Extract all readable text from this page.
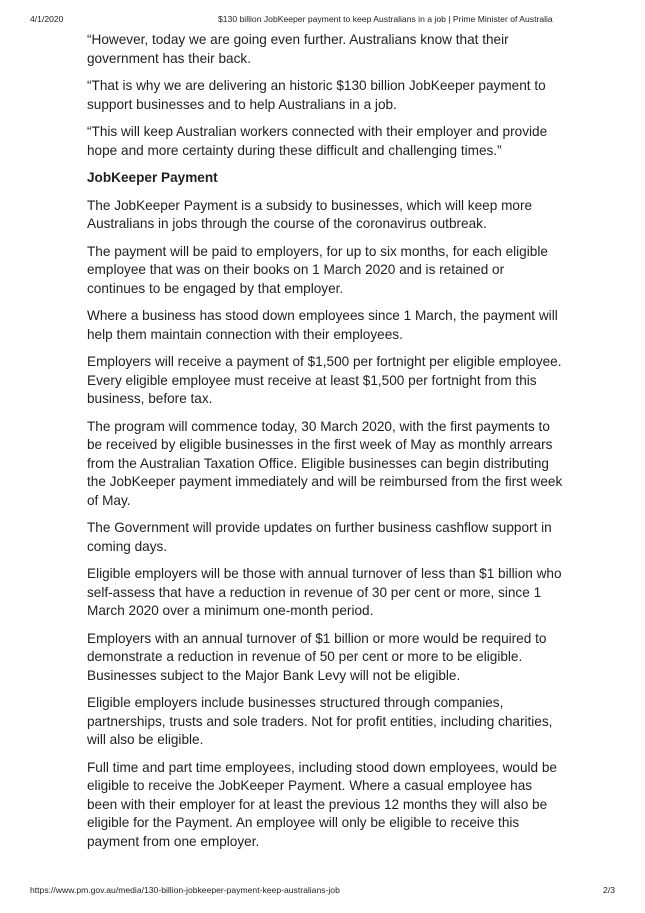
4/1/2020	$130 billion JobKeeper payment to keep Australians in a job | Prime Minister of Australia

“However, today we are going even further. Australians know that their government has their back.

“That is why we are delivering an historic $130 billion JobKeeper payment to support businesses and to help Australians in a job.

“This will keep Australian workers connected with their employer and provide hope and more certainty during these difficult and challenging times.”

JobKeeper Payment

The JobKeeper Payment is a subsidy to businesses, which will keep more Australians in jobs through the course of the coronavirus outbreak.

The payment will be paid to employers, for up to six months, for each eligible employee that was on their books on 1 March 2020 and is retained or continues to be engaged by that employer.

Where a business has stood down employees since 1 March, the payment will help them maintain connection with their employees.

Employers will receive a payment of $1,500 per fortnight per eligible employee. Every eligible employee must receive at least $1,500 per fortnight from this business, before tax.

The program will commence today, 30 March 2020, with the first payments to be received by eligible businesses in the first week of May as monthly arrears from the Australian Taxation Office. Eligible businesses can begin distributing the JobKeeper payment immediately and will be reimbursed from the first week of May.

The Government will provide updates on further business cashflow support in coming days.

Eligible employers will be those with annual turnover of less than $1 billion who self-assess that have a reduction in revenue of 30 per cent or more, since 1 March 2020 over a minimum one-month period.

Employers with an annual turnover of $1 billion or more would be required to demonstrate a reduction in revenue of 50 per cent or more to be eligible. Businesses subject to the Major Bank Levy will not be eligible.

Eligible employers include businesses structured through companies, partnerships, trusts and sole traders. Not for profit entities, including charities, will also be eligible.

Full time and part time employees, including stood down employees, would be eligible to receive the JobKeeper Payment. Where a casual employee has been with their employer for at least the previous 12 months they will also be eligible for the Payment. An employee will only be eligible to receive this payment from one employer.

https://www.pm.gov.au/media/130-billion-jobkeeper-payment-keep-australians-job	2/3
